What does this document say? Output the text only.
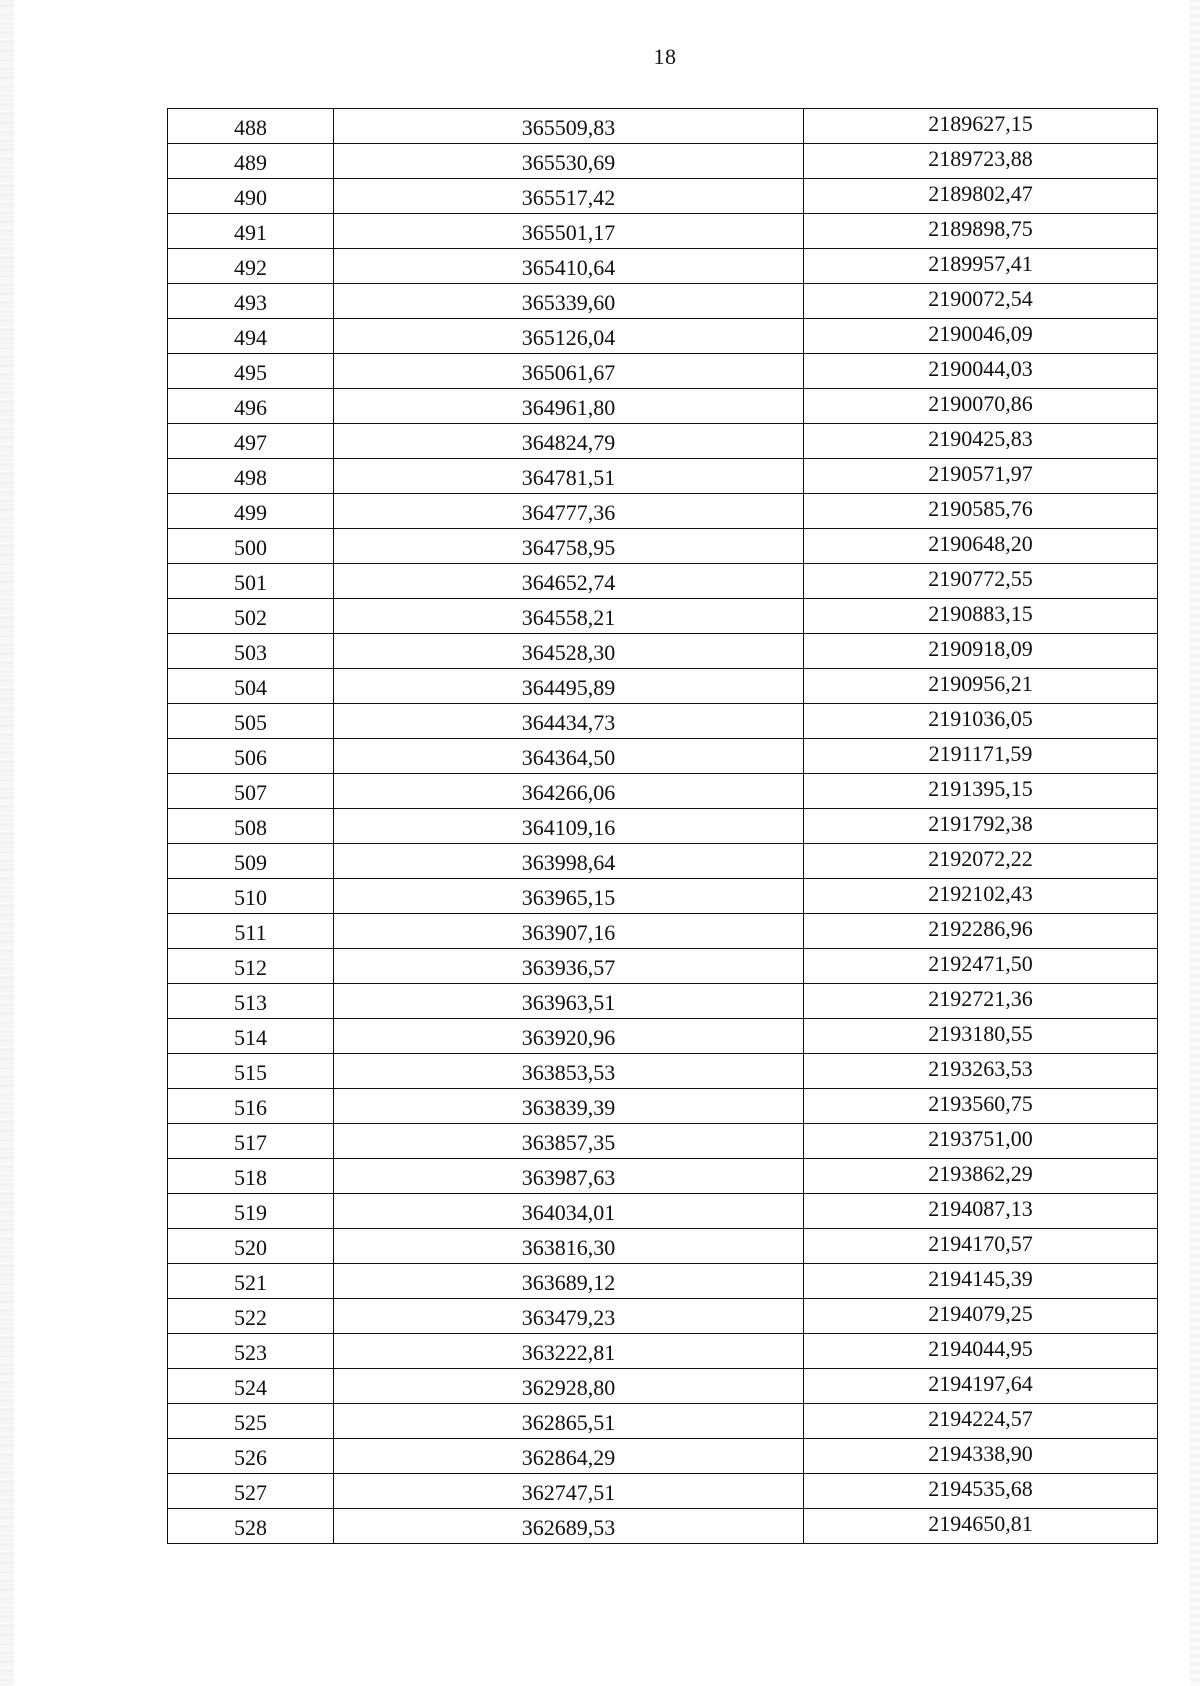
18
488	365509,83	2189627,15
489	365530,69	2189723,88
490	365517,42	2189802,47
491	365501,17	2189898,75
492	365410,64	2189957,41
493	365339,60	2190072,54
494	365126,04	2190046,09
495	365061,67	2190044,03
496	364961,80	2190070,86
497	364824,79	2190425,83
498	364781,51	2190571,97
499	364777,36	2190585,76
500	364758,95	2190648,20
501	364652,74	2190772,55
502	364558,21	2190883,15
503	364528,30	2190918,09
504	364495,89	2190956,21
505	364434,73	2191036,05
506	364364,50	2191171,59
507	364266,06	2191395,15
508	364109,16	2191792,38
509	363998,64	2192072,22
510	363965,15	2192102,43
511	363907,16	2192286,96
512	363936,57	2192471,50
513	363963,51	2192721,36
514	363920,96	2193180,55
515	363853,53	2193263,53
516	363839,39	2193560,75
517	363857,35	2193751,00
518	363987,63	2193862,29
519	364034,01	2194087,13
520	363816,30	2194170,57
521	363689,12	2194145,39
522	363479,23	2194079,25
523	363222,81	2194044,95
524	362928,80	2194197,64
525	362865,51	2194224,57
526	362864,29	2194338,90
527	362747,51	2194535,68
528	362689,53	2194650,81
